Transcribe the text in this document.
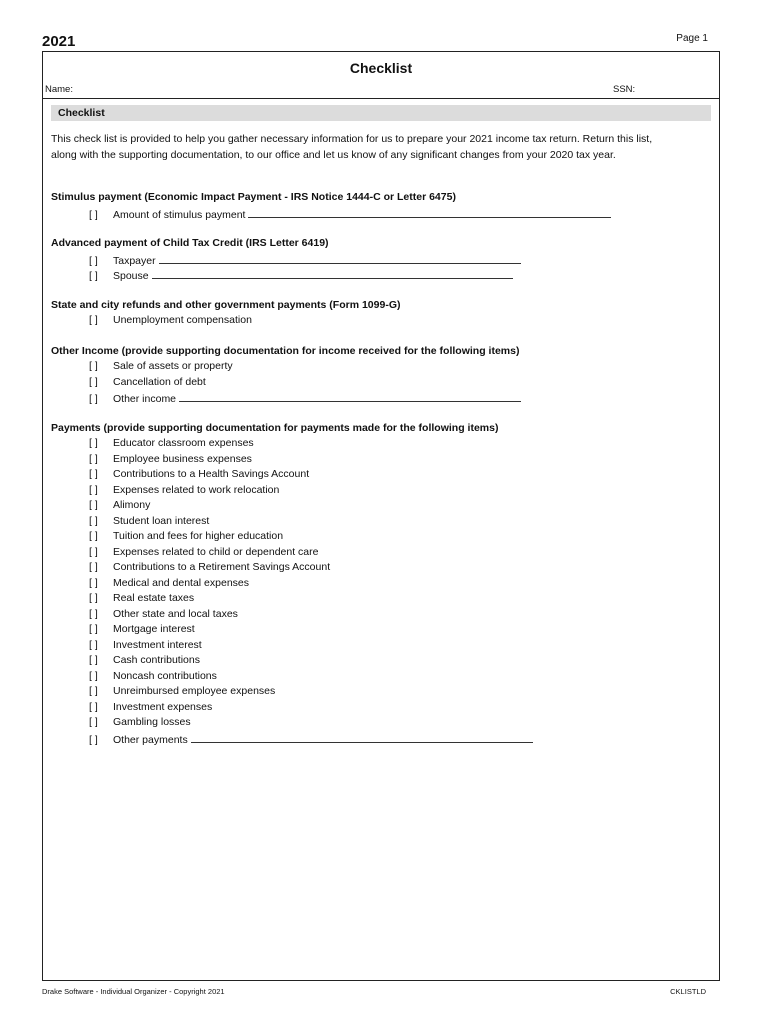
2021	Page 1
Checklist
Name:	SSN:
Checklist
This check list is provided to help you gather necessary information for us to prepare your 2021 income tax return. Return this list, along with the supporting documentation, to our office and let us know of any significant changes from your 2020 tax year.
Stimulus payment (Economic Impact Payment - IRS Notice 1444-C or Letter 6475)
[ ] Amount of stimulus payment
Advanced payment of Child Tax Credit (IRS Letter 6419)
[ ] Taxpayer
[ ] Spouse
State and city refunds and other government payments (Form 1099-G)
[ ] Unemployment compensation
Other Income (provide supporting documentation for income received for the following items)
[ ] Sale of assets or property
[ ] Cancellation of debt
[ ] Other income
Payments (provide supporting documentation for payments made for the following items)
[ ] Educator classroom expenses
[ ] Employee business expenses
[ ] Contributions to a Health Savings Account
[ ] Expenses related to work relocation
[ ] Alimony
[ ] Student loan interest
[ ] Tuition and fees for higher education
[ ] Expenses related to child or dependent care
[ ] Contributions to a Retirement Savings Account
[ ] Medical and dental expenses
[ ] Real estate taxes
[ ] Other state and local taxes
[ ] Mortgage interest
[ ] Investment interest
[ ] Cash contributions
[ ] Noncash contributions
[ ] Unreimbursed employee expenses
[ ] Investment expenses
[ ] Gambling losses
[ ] Other payments
Drake Software - Individual Organizer - Copyright 2021	CKLISTLD
